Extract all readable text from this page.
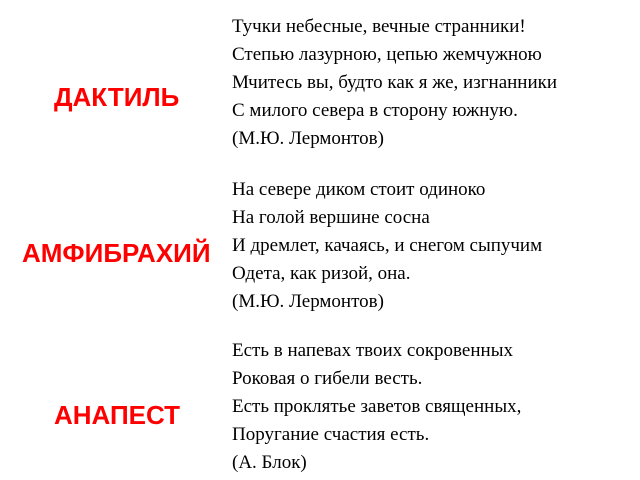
ДАКТИЛЬ
Тучки небесные, вечные странники!
Степью лазурною, цепью жемчужною
Мчитесь вы, будто как я же, изгнанники
С милого севера в сторону южную.
(М.Ю. Лермонтов)
АМФИБРАХИЙ
На севере диком стоит одиноко
На голой вершине сосна
И дремлет, качаясь, и снегом сыпучим
Одета, как ризой, она.
(М.Ю. Лермонтов)
АНАПЕСТ
Есть в напевах твоих сокровенных
Роковая о гибели весть.
Есть проклятье заветов священных,
Поругание счастия есть.
(А. Блок)
